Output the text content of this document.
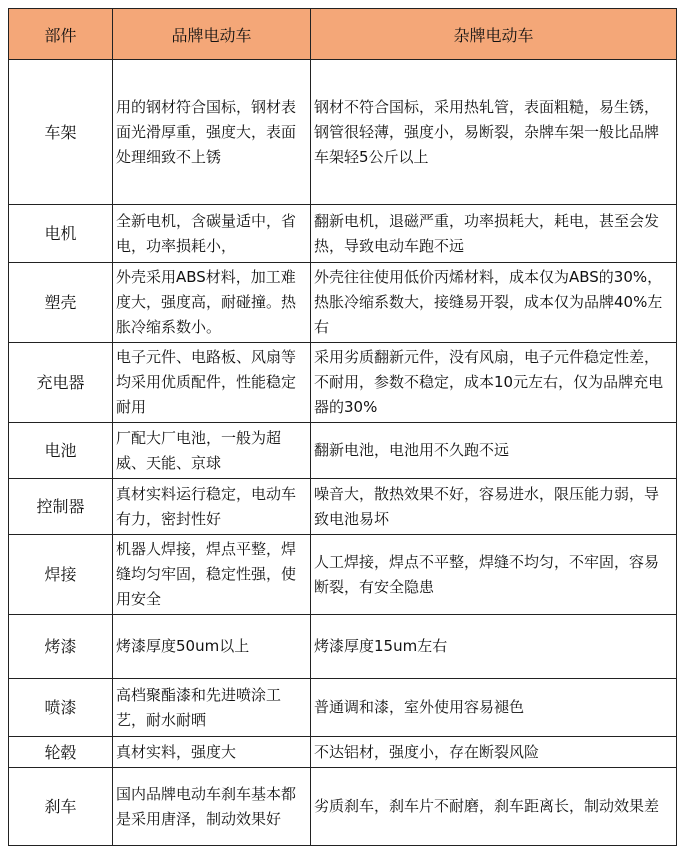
部件	品牌电动车	杂牌电动车
车架	用的钢材符合国标，钢材表面光滑厚重，强度大，表面处理细致不上锈	钢材不符合国标，采用热轧管，表面粗糙，易生锈，钢管很轻薄，强度小，易断裂，杂牌车架一般比品牌车架轻5公斤以上
电机	全新电机，含碳量适中，省电，功率损耗小，	翻新电机，退磁严重，功率损耗大，耗电，甚至会发热，导致电动车跑不远
塑壳	外壳采用ABS材料，加工难度大，强度高，耐碰撞。热胀冷缩系数小。	外壳往往使用低价丙烯材料，成本仅为ABS的30%，热胀冷缩系数大，接缝易开裂，成本仅为品牌40%左右
充电器	电子元件、电路板、风扇等均采用优质配件，性能稳定耐用	采用劣质翻新元件，没有风扇，电子元件稳定性差，不耐用，参数不稳定，成本10元左右，仅为品牌充电器的30%
电池	厂配大厂电池，一般为超威、天能、京球	翻新电池，电池用不久跑不远
控制器	真材实料运行稳定，电动车有力，密封性好	噪音大，散热效果不好，容易进水，限压能力弱，导致电池易坏
焊接	机器人焊接，焊点平整，焊缝均匀牢固，稳定性强，使用安全	人工焊接，焊点不平整，焊缝不均匀，不牢固，容易断裂，有安全隐患
烤漆	烤漆厚度50um以上	烤漆厚度15um左右
喷漆	高档聚酯漆和先进喷涂工艺，耐水耐晒	普通调和漆，室外使用容易褪色
轮毂	真材实料，强度大	不达铝材，强度小，存在断裂风险
刹车	国内品牌电动车刹车基本都是采用唐泽，制动效果好	劣质刹车，刹车片不耐磨，刹车距离长，制动效果差
